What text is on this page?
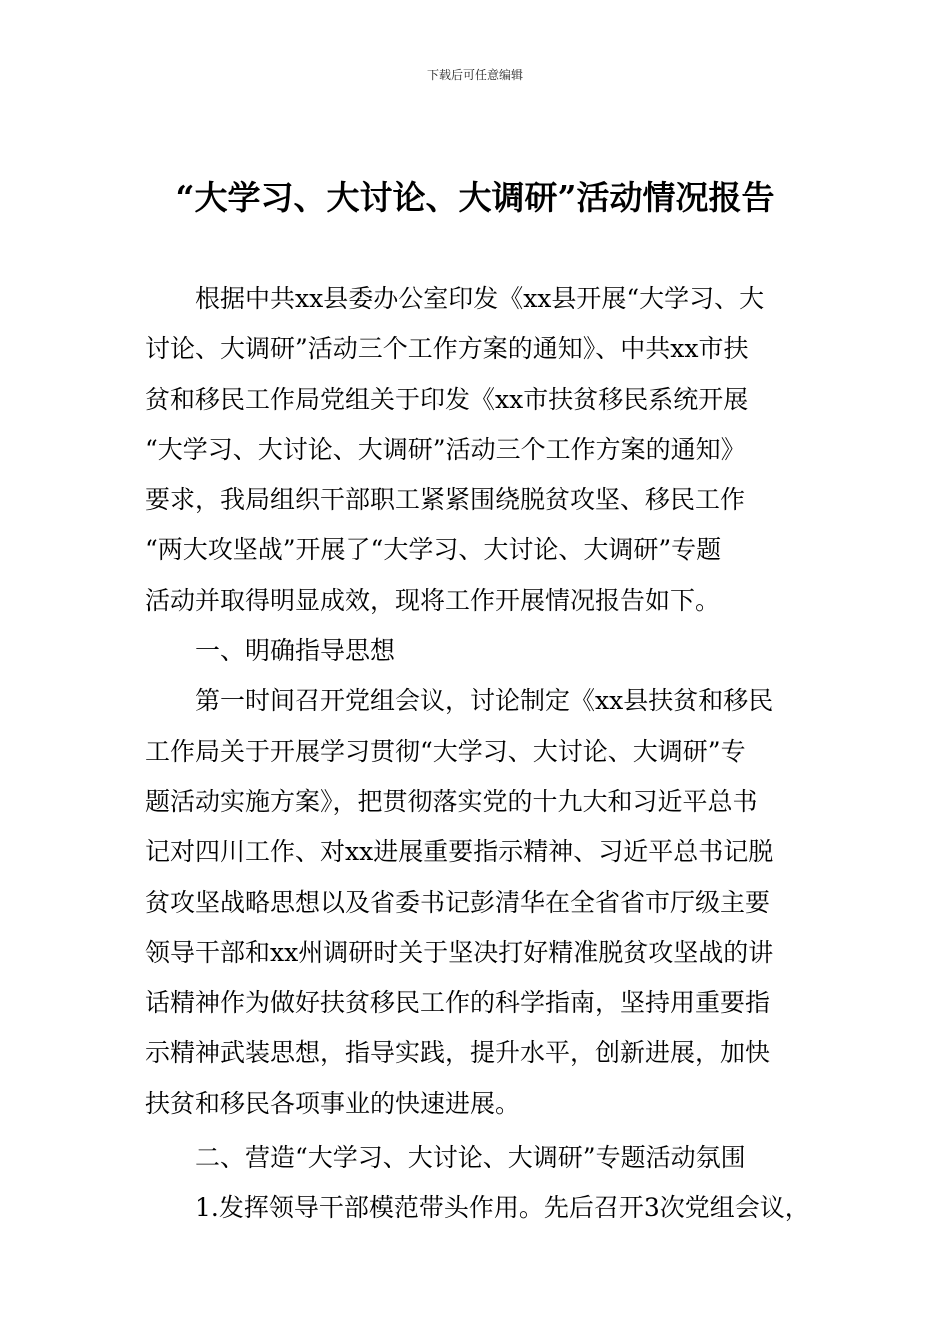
下载后可任意编辑
“大学习、大讨论、大调研”活动情况报告
根据中共xx县委办公室印发《xx县开展“大学习、大
讨论、大调研”活动三个工作方案的通知》、中共xx市扶
贫和移民工作局党组关于印发《xx市扶贫移民系统开展
“大学习、大讨论、大调研”活动三个工作方案的通知》
要求，我局组织干部职工紧紧围绕脱贫攻坚、移民工作
“两大攻坚战”开展了“大学习、大讨论、大调研”专题
活动并取得明显成效，现将工作开展情况报告如下。
一、明确指导思想
第一时间召开党组会议，讨论制定《xx县扶贫和移民
工作局关于开展学习贯彻“大学习、大讨论、大调研”专
题活动实施方案》，把贯彻落实党的十九大和习近平总书
记对四川工作、对xx进展重要指示精神、习近平总书记脱
贫攻坚战略思想以及省委书记彭清华在全省省市厅级主要
领导干部和xx州调研时关于坚决打好精准脱贫攻坚战的讲
话精神作为做好扶贫移民工作的科学指南，坚持用重要指
示精神武装思想，指导实践，提升水平，创新进展，加快
扶贫和移民各项事业的快速进展。
二、营造“大学习、大讨论、大调研”专题活动氛围
1.发挥领导干部模范带头作用。先后召开3次党组会议，
